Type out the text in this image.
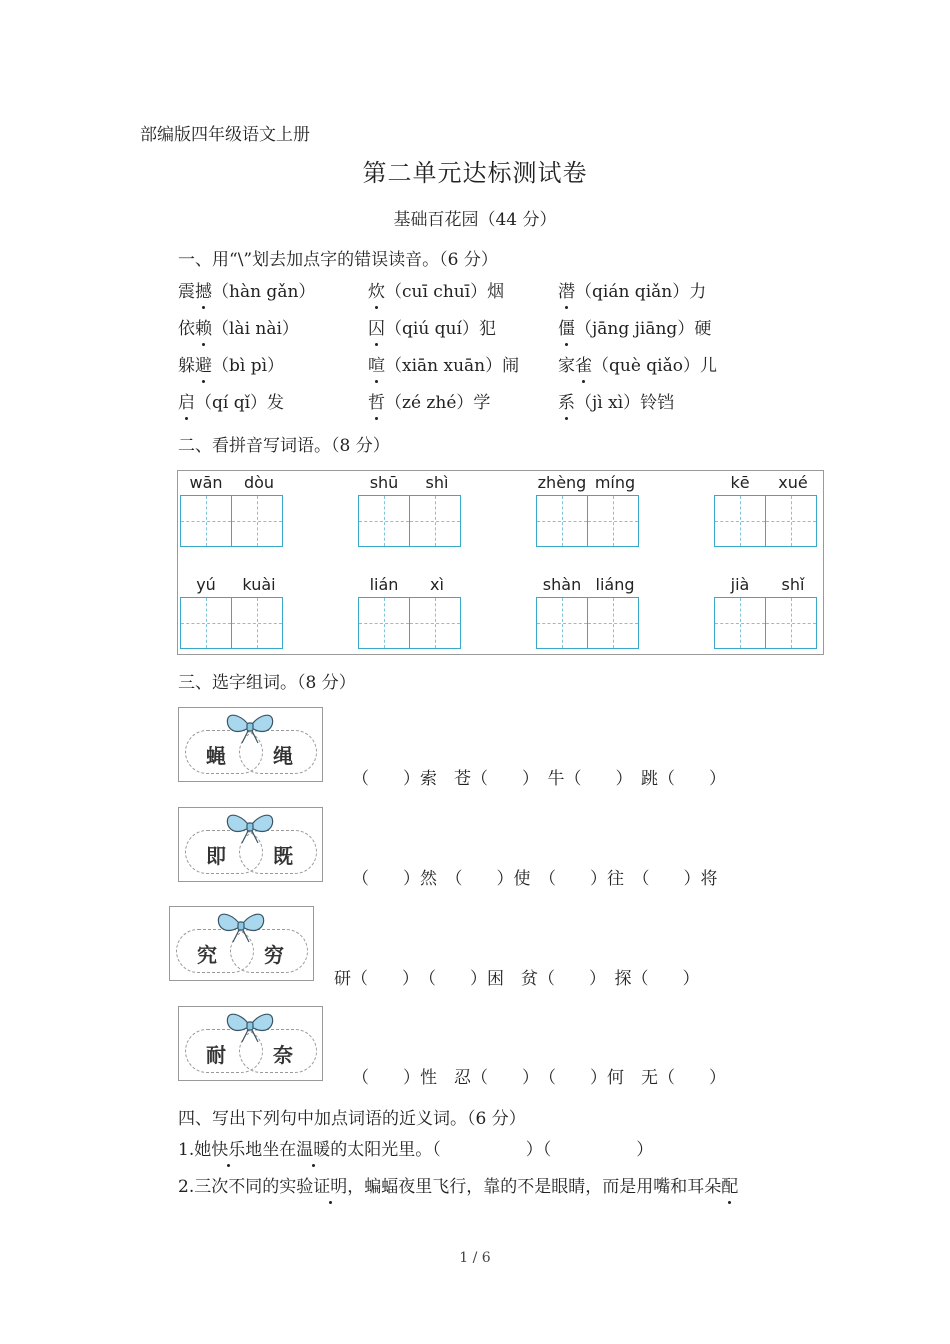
部编版四年级语文上册
第二单元达标测试卷
基础百花园（44 分）
一、用“\”划去加点字的错误读音。（6 分）
震撼（hàn gǎn）	炊（cuī chuī）烟	潜（qián qiǎn）力
依赖（lài nài）	囚（qiú quí）犯	僵（jāng jiāng）硬
躲避（bì pì）	喧（xiān xuān）闹 家雀（què qiǎo）儿
启（qí qǐ）发	哲（zé zhé）学	系（jì xì）铃铛
二、看拼音写词语。（8 分）
wān dòu	shū shì	zhèng míng	kē xué
yú kuài	lián xì	shàn liáng	jià shǐ
三、选字组词。（8 分）
蝇 绳
（　　）索　苍（　　）　牛（　　）　跳（　　）
即 既
（　　）然　（　　）使　（　　）往　（　　）将
究 穷
研（　　）　（　　）困　贫（　　）　探（　　）
耐 奈
（　　）性　忍（　　）　（　　）何　无（　　）
四、写出下列句中加点词语的近义词。（6 分）
1.她快乐地坐在温暖的太阳光里。（　　　　　）（　　　　　）
2.三次不同的实验证明，蝙蝠夜里飞行，靠的不是眼睛，而是用嘴和耳朵配
1 / 6
